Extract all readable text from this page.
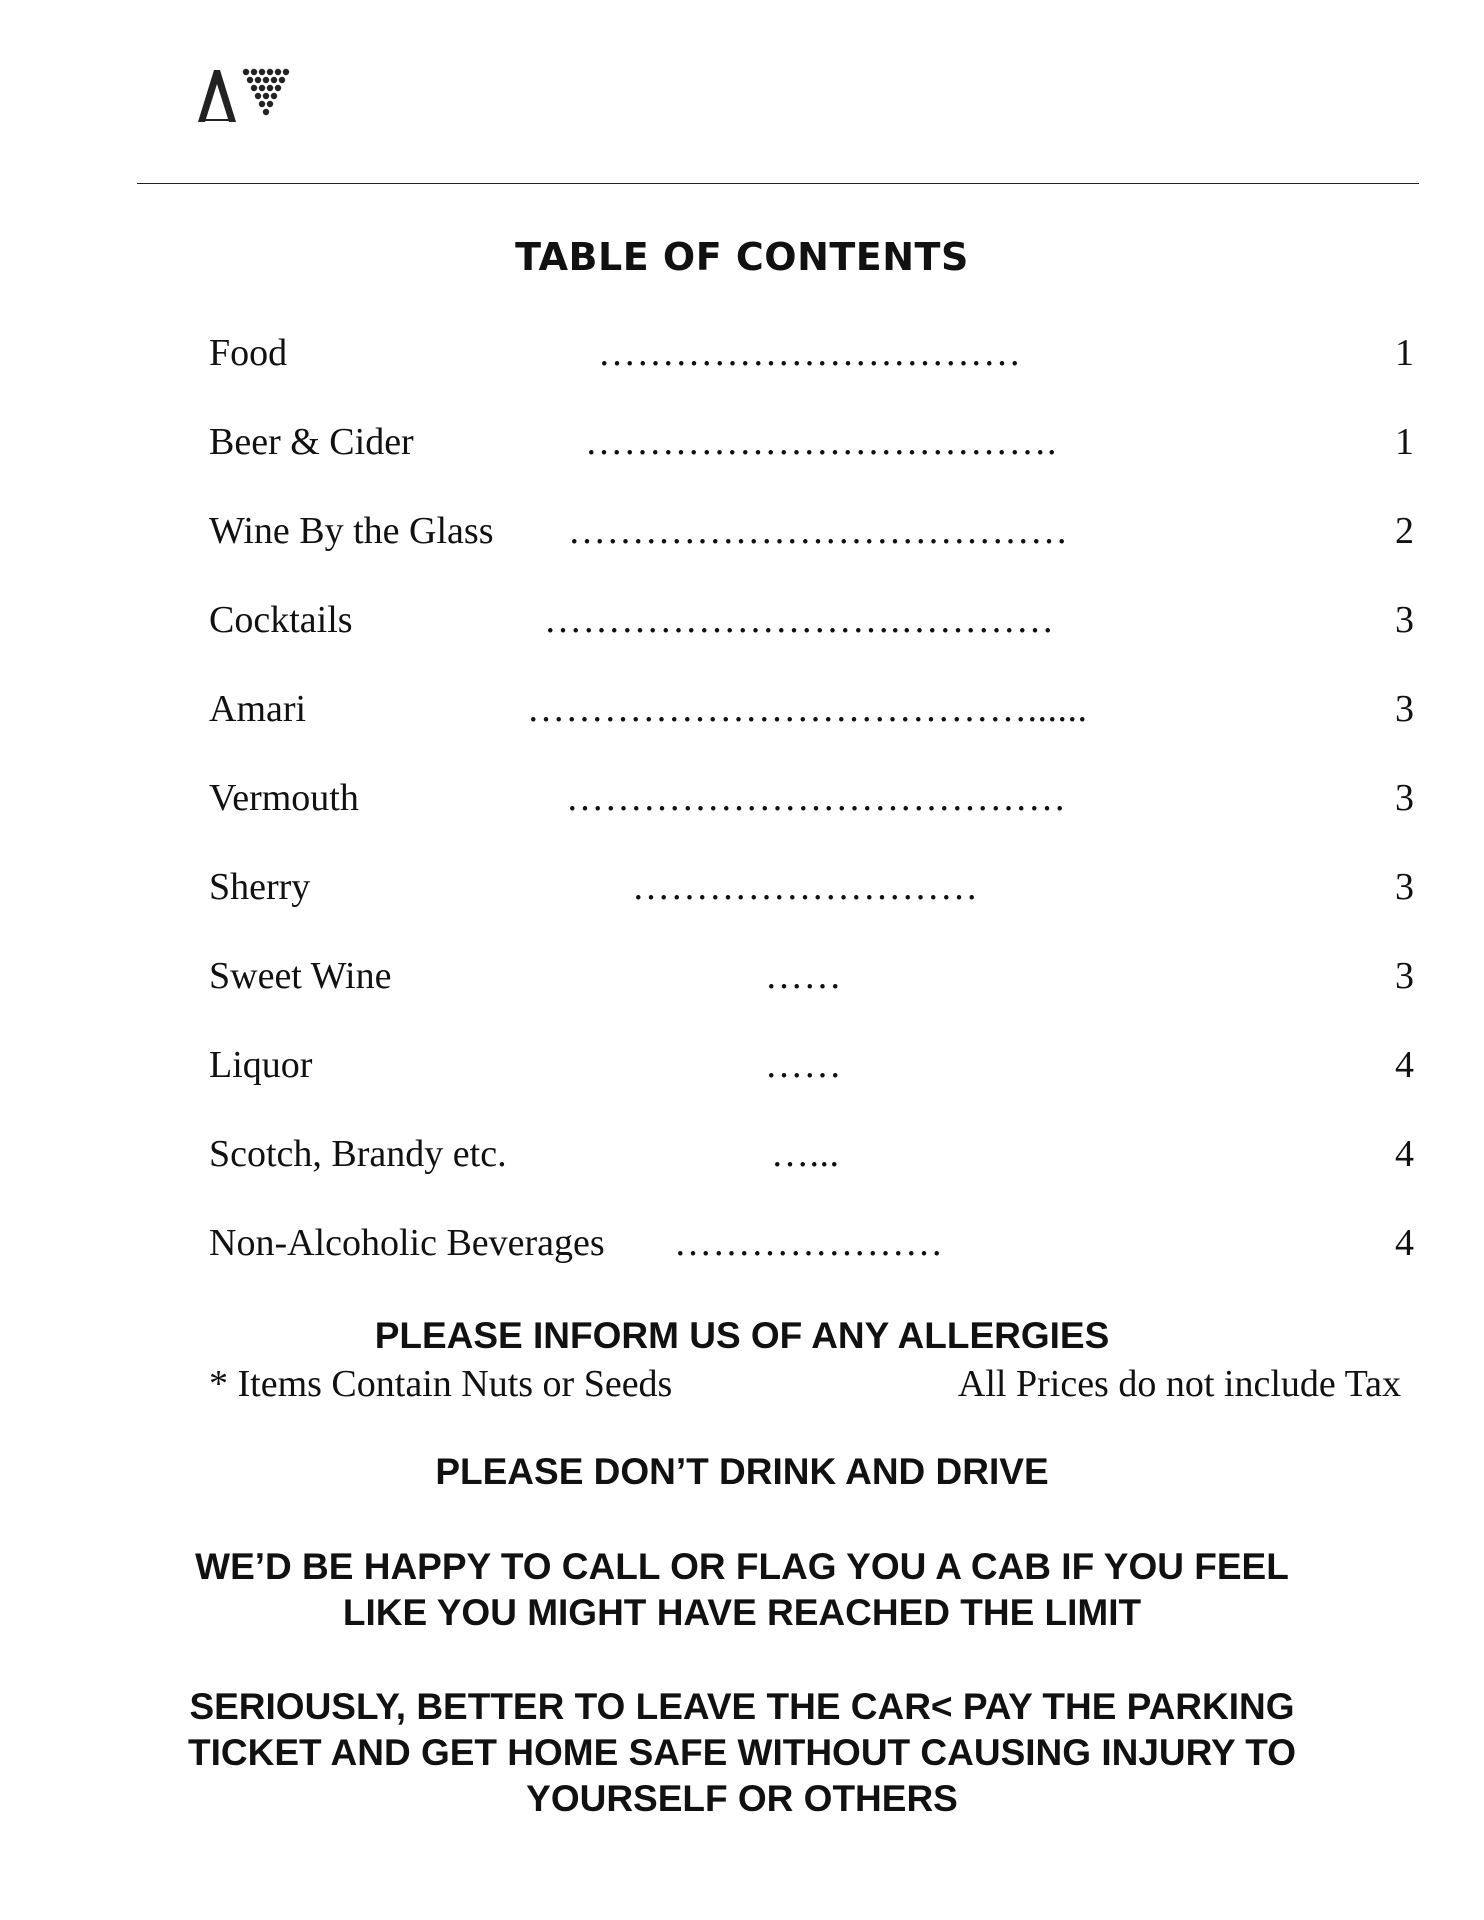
TABLE OF CONTENTS
Food	……………………………	1
Beer & Cider	……………………………….	1
Wine By the Glass …………………………………	2
Cocktails	……………………….…………	3
Amari	…………………………………......	3
Vermouth	…………………………………	3
Sherry	………………………	3
Sweet Wine	……	3
Liquor	……	4
Scotch, Brandy etc.	…...	4
Non-Alcoholic Beverages …………………	4

PLEASE INFORM US OF ANY ALLERGIES

* Items Contain Nuts or Seeds	All Prices do not include Tax

PLEASE DON’T DRINK AND DRIVE

WE’D BE HAPPY TO CALL OR FLAG YOU A CAB IF YOU FEEL
LIKE YOU MIGHT HAVE REACHED THE LIMIT
SERIOUSLY, BETTER TO LEAVE THE CAR< PAY THE PARKING
TICKET AND GET HOME SAFE WITHOUT CAUSING INJURY TO
YOURSELF OR OTHERS
